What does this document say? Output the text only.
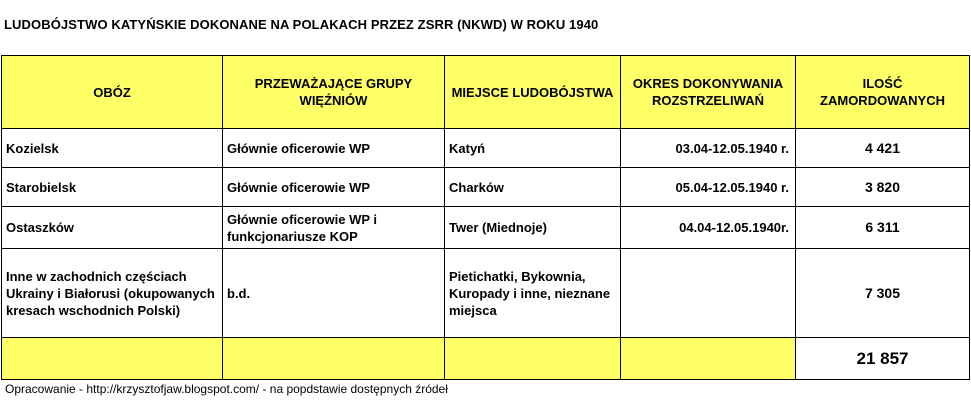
LUDOBÓJSTWO KATYŃSKIE DOKONANE NA POLAKACH PRZEZ ZSRR (NKWD) W ROKU 1940
OBÓZ	PRZEWAŻAJĄCE GRUPY WIĘŹNIÓW	MIEJSCE LUDOBÓJSTWA	OKRES DOKONYWANIA ROZSTRZELIWAŃ	ILOŚĆ ZAMORDOWANYCH
Kozielsk	Głównie oficerowie WP	Katyń	03.04-12.05.1940 r.	4 421
Starobielsk	Głównie oficerowie WP	Charków	05.04-12.05.1940 r.	3 820
Ostaszków	Głównie oficerowie WP i funkcjonariusze KOP	Twer (Miednoje)	04.04-12.05.1940r.	6 311
Inne w zachodnich częściach Ukrainy i Białorusi (okupowanych kresach wschodnich Polski)	b.d.	Pietichatki, Bykownia, Kuropady i inne, nieznane miejsca		7 305
				21 857
Opracowanie - http://krzysztofjaw.blogspot.com/ - na popdstawie dostępnych źródeł
